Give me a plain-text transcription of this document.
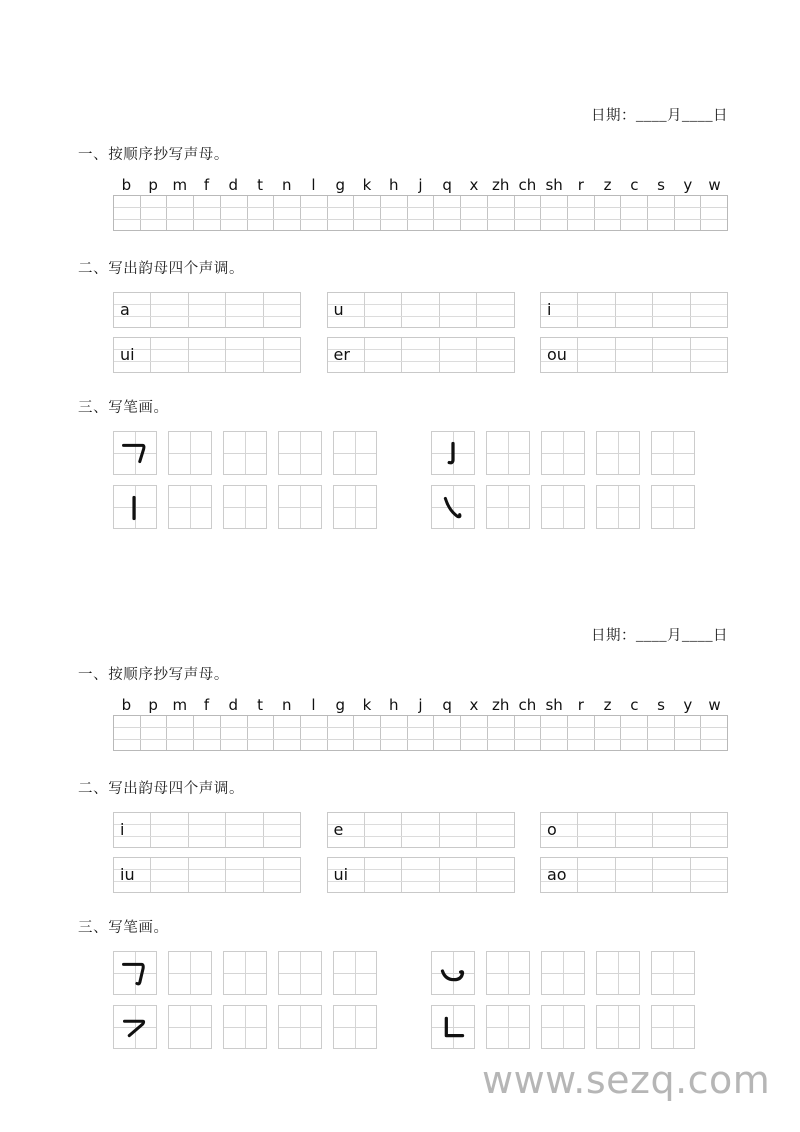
日期：____月____日
一、按顺序抄写声母。
b	p m	f	d	t	n	l	g	k	h	j	q	x zh ch sh r	z	c	s	y	w
二、写出韵母四个声调。
a	u	i
ui	er	ou
三、写笔画。
日期：____月____日
一、按顺序抄写声母。
b	p m	f	d	t	n	l	g	k	h	j	q	x zh ch sh r	z	c	s	y	w
二、写出韵母四个声调。
i	e	o
iu	ui	ao
三、写笔画。
www.sezq.com
